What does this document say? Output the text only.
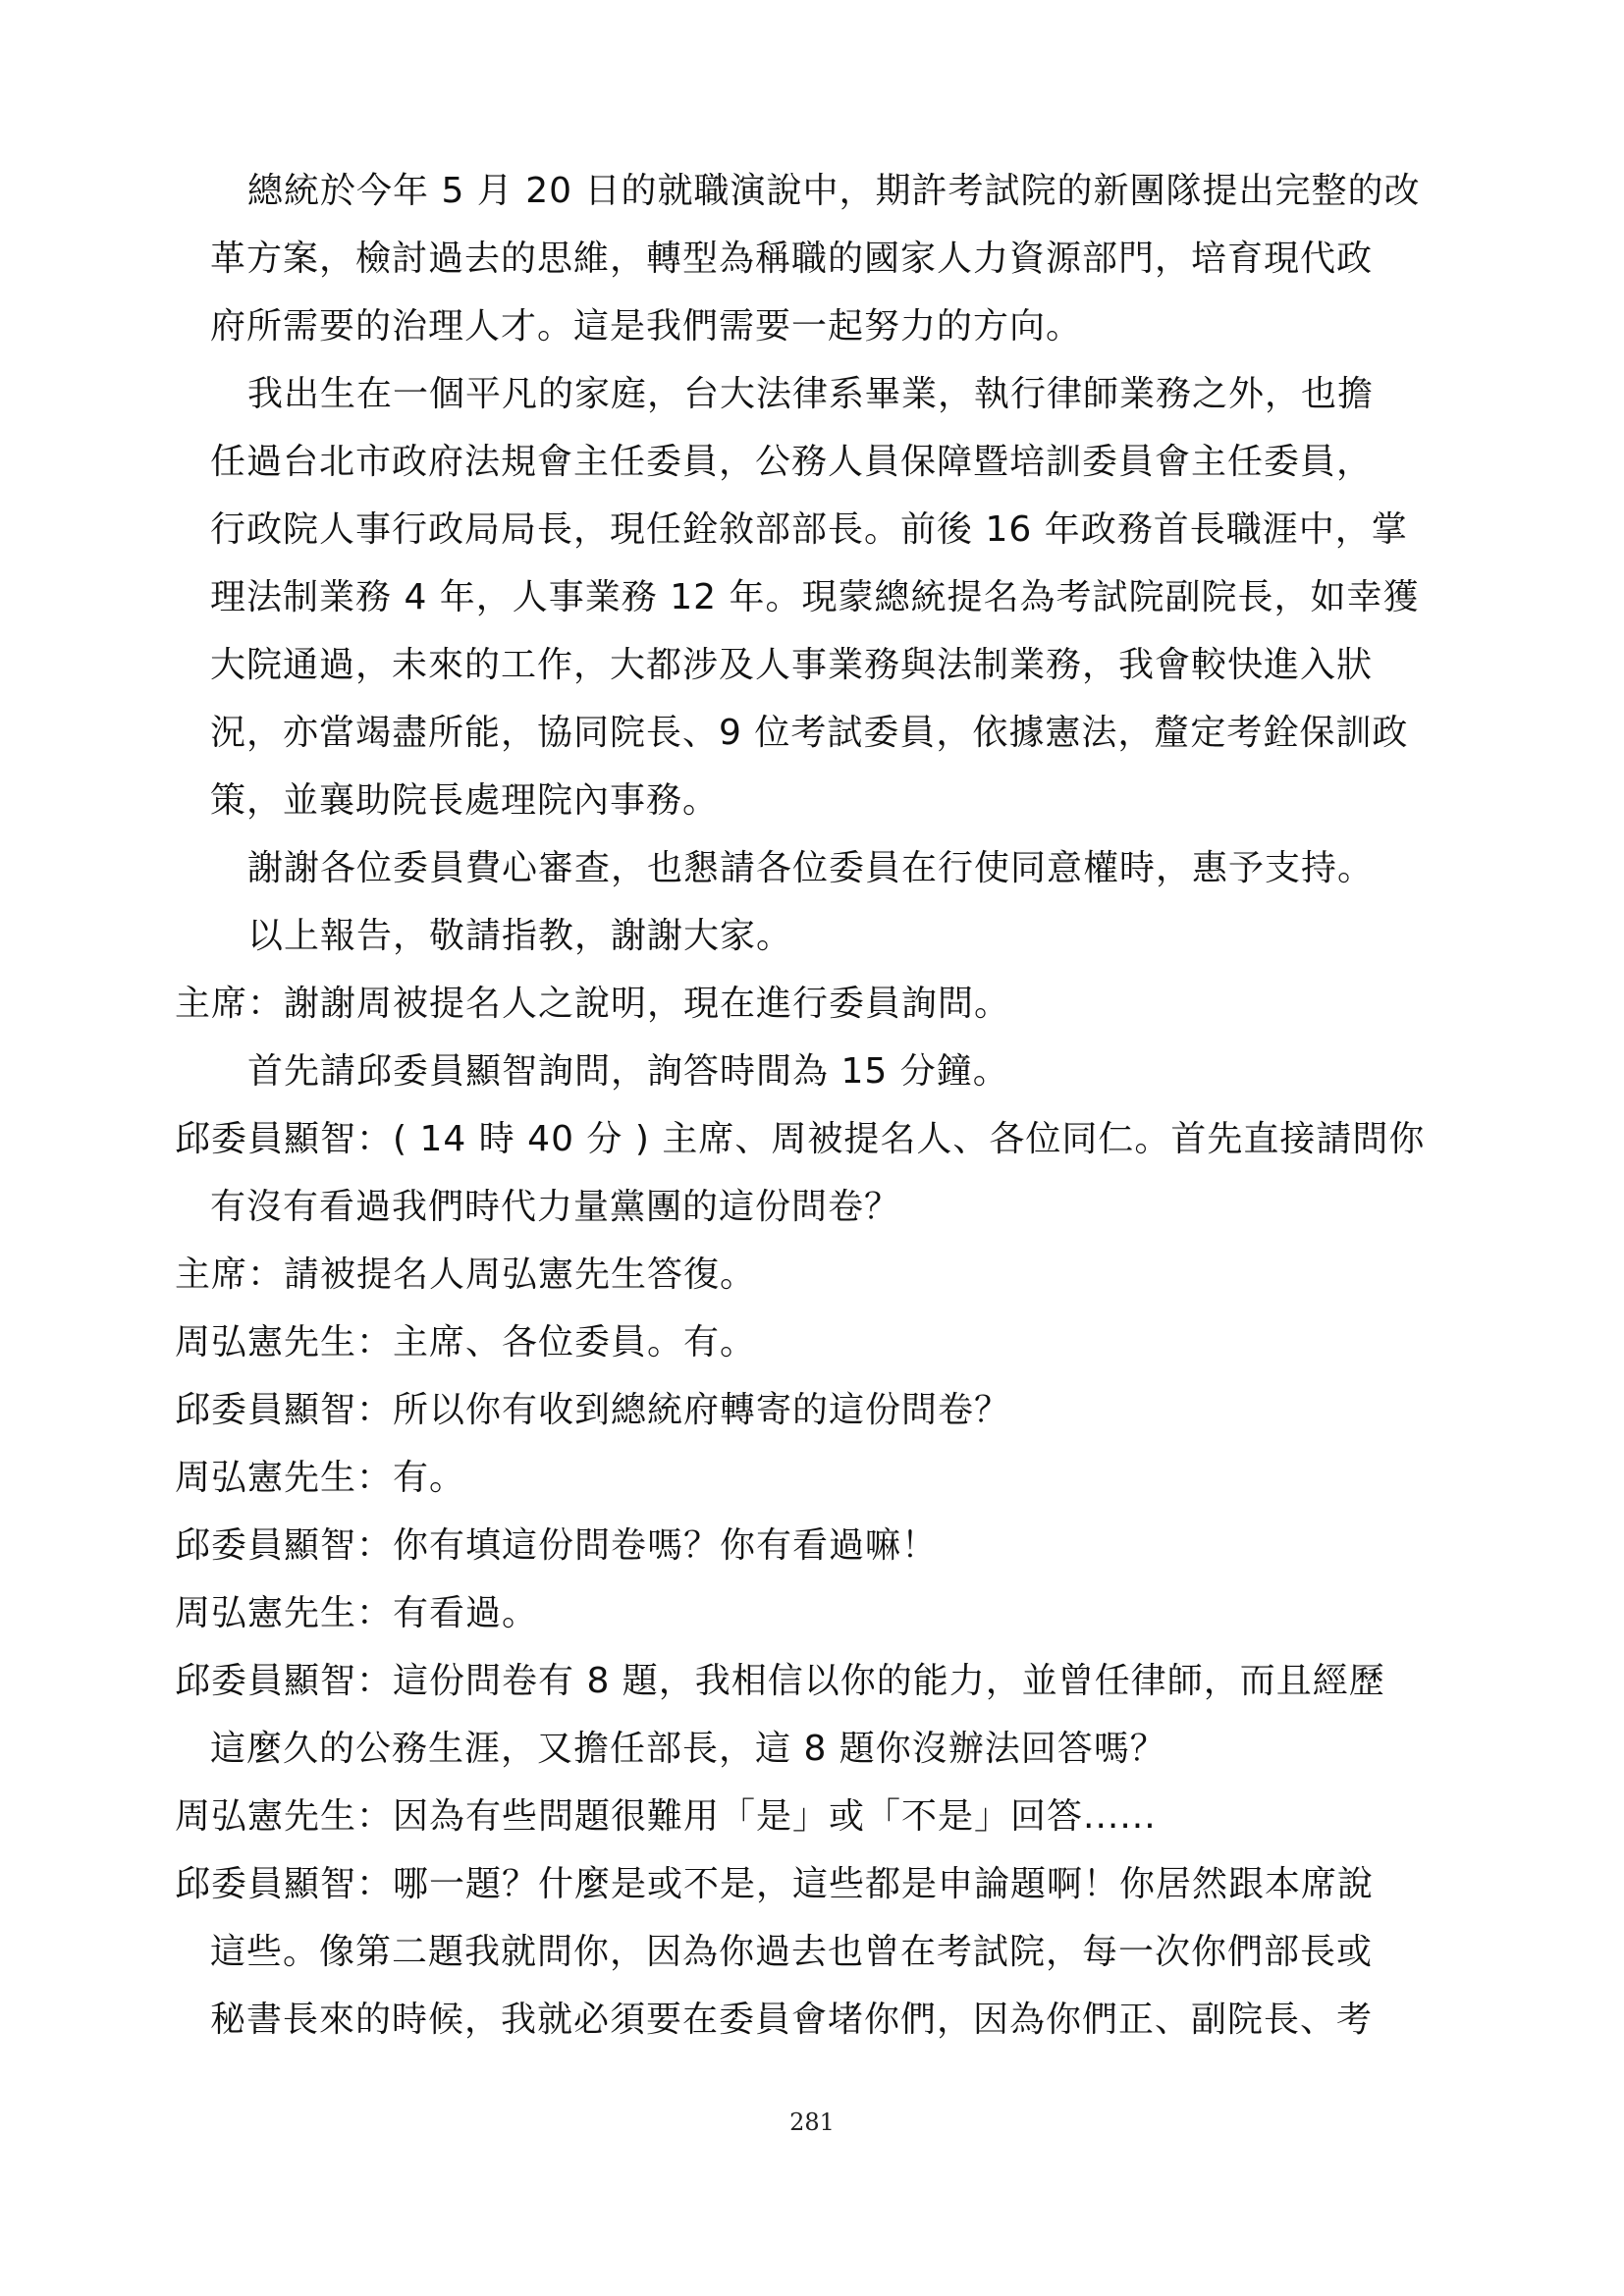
總統於今年 5 月 20 日的就職演說中，期許考試院的新團隊提出完整的改
革方案，檢討過去的思維，轉型為稱職的國家人力資源部門，培育現代政
府所需要的治理人才。這是我們需要一起努力的方向。
我出生在一個平凡的家庭，台大法律系畢業，執行律師業務之外，也擔
任過台北市政府法規會主任委員，公務人員保障暨培訓委員會主任委員，
行政院人事行政局局長，現任銓敘部部長。前後 16 年政務首長職涯中，掌
理法制業務 4 年，人事業務 12 年。現蒙總統提名為考試院副院長，如幸獲
大院通過，未來的工作，大都涉及人事業務與法制業務，我會較快進入狀
況，亦當竭盡所能，協同院長、9 位考試委員，依據憲法，釐定考銓保訓政
策，並襄助院長處理院內事務。
謝謝各位委員費心審查，也懇請各位委員在行使同意權時，惠予支持。
以上報告，敬請指教，謝謝大家。
主席：謝謝周被提名人之說明，現在進行委員詢問。
首先請邱委員顯智詢問，詢答時間為 15 分鐘。
邱委員顯智：( 14 時 40 分 ) 主席、周被提名人、各位同仁。首先直接請問你
有沒有看過我們時代力量黨團的這份問卷？
主席：請被提名人周弘憲先生答復。
周弘憲先生：主席、各位委員。有。
邱委員顯智：所以你有收到總統府轉寄的這份問卷？
周弘憲先生：有。
邱委員顯智：你有填這份問卷嗎？你有看過嘛！
周弘憲先生：有看過。
邱委員顯智：這份問卷有 8 題，我相信以你的能力，並曾任律師，而且經歷
這麼久的公務生涯，又擔任部長，這 8 題你沒辦法回答嗎？
周弘憲先生：因為有些問題很難用「是」或「不是」回答......
邱委員顯智：哪一題？什麼是或不是，這些都是申論題啊！你居然跟本席說
這些。像第二題我就問你，因為你過去也曾在考試院，每一次你們部長或
秘書長來的時候，我就必須要在委員會堵你們，因為你們正、副院長、考
281
